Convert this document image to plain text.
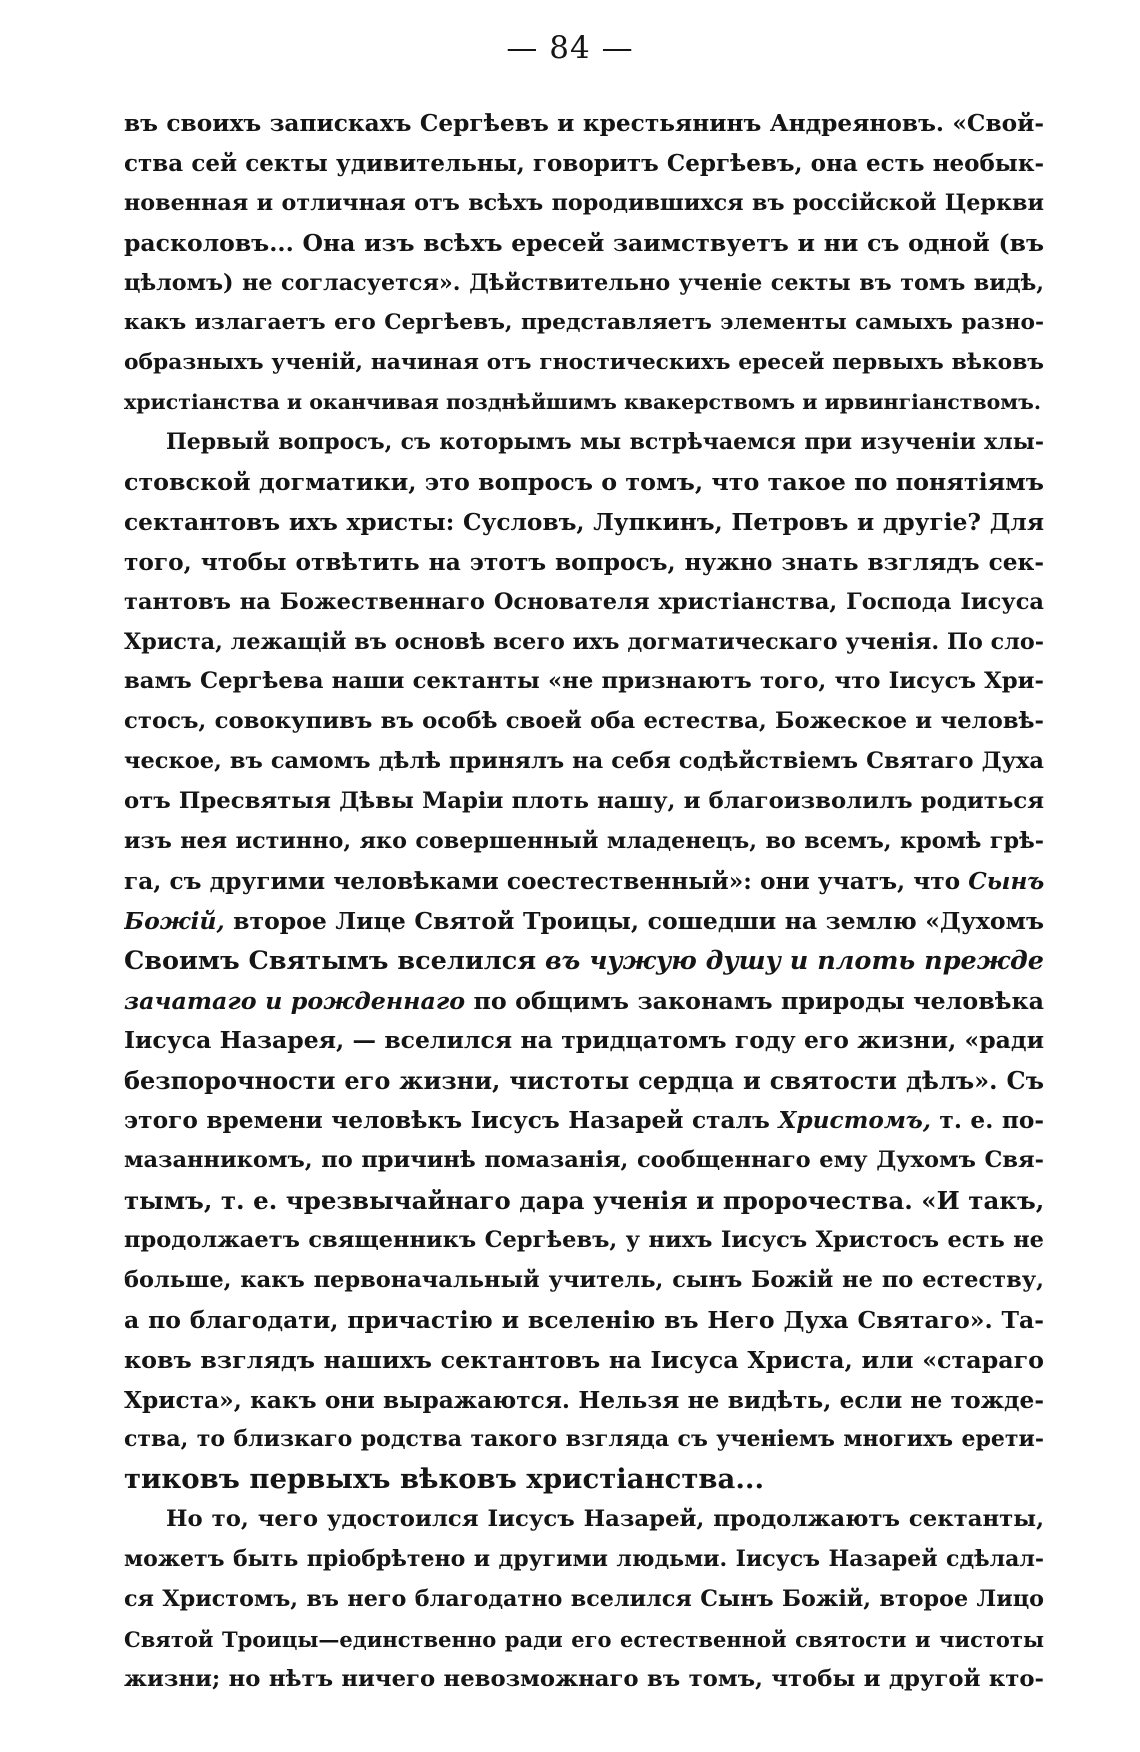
— 84 —
въ своихъ запискахъ Сергѣевъ и крестьянинъ Андреяновъ. «Свой-
ства сей секты удивительны, говоритъ Сергѣевъ, она есть необык-
новенная и отличная отъ всѣхъ породившихся въ россійской Церкви
расколовъ... Она изъ всѣхъ ересей заимствуетъ и ни съ одной (въ
цѣломъ) не согласуется». Дѣйствительно ученіе секты въ томъ видѣ,
какъ излагаетъ его Сергѣевъ, представляетъ элементы самыхъ разно-
образныхъ ученій, начиная отъ гностическихъ ересей первыхъ вѣковъ
христіанства и оканчивая позднѣйшимъ квакерствомъ и ирвингіанствомъ.
Первый вопросъ, съ которымъ мы встрѣчаемся при изученіи хлы-
стовской догматики, это вопросъ о томъ, что такое по понятіямъ
сектантовъ ихъ христы: Сусловъ, Лупкинъ, Петровъ и другіе? Для
того, чтобы отвѣтить на этотъ вопросъ, нужно знать взглядъ сек-
тантовъ на Божественнаго Основателя христіанства, Господа Іисуса
Христа, лежащій въ основѣ всего ихъ догматическаго ученія. По сло-
вамъ Сергѣева наши сектанты «не признаютъ того, что Іисусъ Хри-
стосъ, совокупивъ въ особѣ своей оба естества, Божеское и человѣ-
ческое, въ самомъ дѣлѣ принялъ на себя содѣйствіемъ Святаго Духа
отъ Пресвятыя Дѣвы Маріи плоть нашу, и благоизволилъ родиться
изъ нея истинно, яко совершенный младенецъ, во всемъ, кромѣ грѣ-
га, съ другими человѣками соестественный»: они учатъ, что Сынъ
Божій, второе Лице Святой Троицы, сошедши на землю «Духомъ
Своимъ Святымъ вселился въ чужую душу и плоть прежде
зачатаго и рожденнаго по общимъ законамъ природы человѣка
Іисуса Назарея, — вселился на тридцатомъ году его жизни, «ради
безпорочности его жизни, чистоты сердца и святости дѣлъ». Съ
этого времени человѣкъ Іисусъ Назарей сталъ Христомъ, т. е. по-
мазанникомъ, по причинѣ помазанія, сообщеннаго ему Духомъ Свя-
тымъ, т. е. чрезвычайнаго дара ученія и пророчества. «И такъ,
продолжаетъ священникъ Сергѣевъ, у нихъ Іисусъ Христосъ есть не
больше, какъ первоначальный учитель, сынъ Божій не по естеству,
а по благодати, причастію и вселенію въ Него Духа Святаго». Та-
ковъ взглядъ нашихъ сектантовъ на Іисуса Христа, или «стараго
Христа», какъ они выражаются. Нельзя не видѣть, если не тожде-
ства, то близкаго родства такого взгляда съ ученіемъ многихъ ерети-
тиковъ первыхъ вѣковъ христіанства...
Но то, чего удостоился Іисусъ Назарей, продолжаютъ сектанты,
можетъ быть пріобрѣтено и другими людьми. Іисусъ Назарей сдѣлал-
ся Христомъ, въ него благодатно вселился Сынъ Божій, второе Лицо
Святой Троицы—единственно ради его естественной святости и чистоты
жизни; но нѣтъ ничего невозможнаго въ томъ, чтобы и другой кто-
